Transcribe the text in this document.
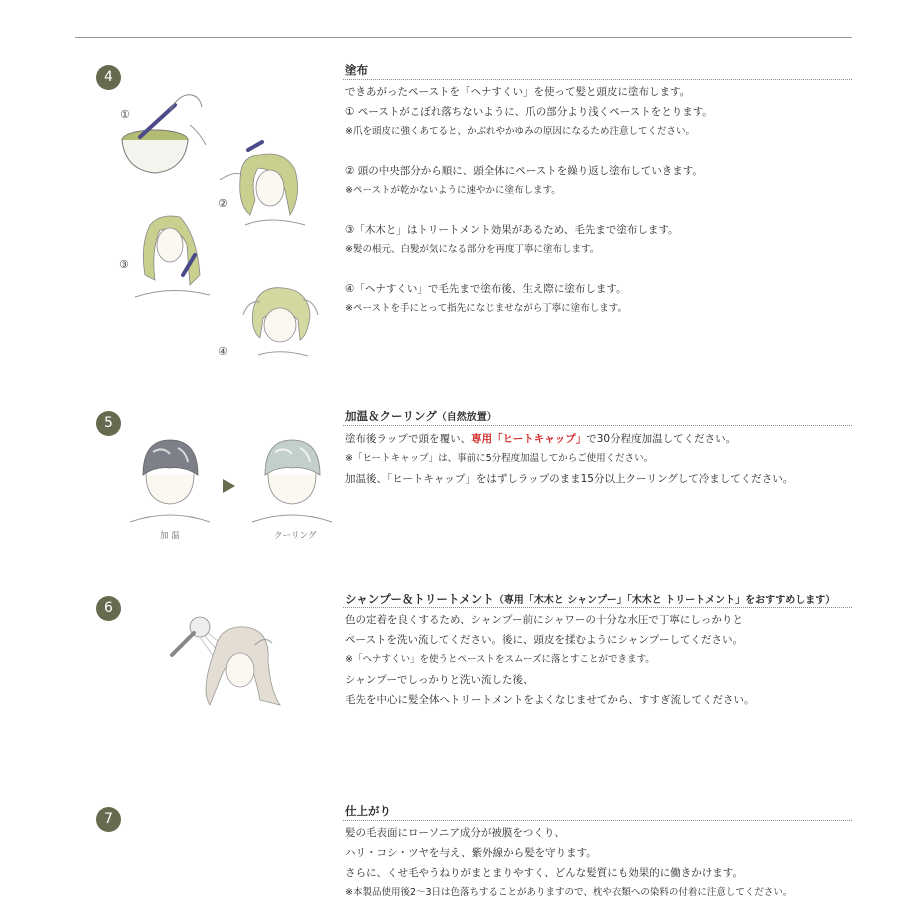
4	塗布
できあがったペーストを「ヘナすくい」を使って髪と頭皮に塗布します。
① ペーストがこぼれ落ちないように、爪の部分より浅くペーストをとります。
※爪を頭皮に強くあてると、かぶれやかゆみの原因になるため注意してください。
② 頭の中央部分から順に、頭全体にペーストを繰り返し塗布していきます。
※ペーストが乾かないように速やかに塗布します。
③「木木と」はトリートメント効果があるため、毛先まで塗布します。
※髪の根元、白髪が気になる部分を再度丁寧に塗布します。
④「ヘナすくい」で毛先まで塗布後、生え際に塗布します。
※ペーストを手にとって指先になじませながら丁寧に塗布します。
①
②
③
④
5	加温＆クーリング（自然放置）
塗布後ラップで頭を覆い、専用「ヒートキャップ」で30分程度加温してください。
※「ヒートキャップ」は、事前に5分程度加温してからご使用ください。
加温後、「ヒートキャップ」をはずしラップのまま15分以上クーリングして冷ましてください。
加 温	クーリング
6
シャンプー＆トリートメント（専用「木木と シャンプー」「木木と トリートメント」をおすすめします）
色の定着を良くするため、シャンプー前にシャワーの十分な水圧で丁寧にしっかりと
ペーストを洗い流してください。後に、頭皮を揉むようにシャンプーしてください。
※「ヘナすくい」を使うとペーストをスムーズに落とすことができます。
シャンプーでしっかりと洗い流した後、
毛先を中心に髪全体へトリートメントをよくなじませてから、すすぎ流してください。
7	仕上がり
髪の毛表面にローソニア成分が被膜をつくり、
ハリ・コシ・ツヤを与え、紫外線から髪を守ります。
さらに、くせ毛やうねりがまとまりやすく、どんな髪質にも効果的に働きかけます。
※本製品使用後2～3日は色落ちすることがありますので、枕や衣類への染料の付着に注意してください。
